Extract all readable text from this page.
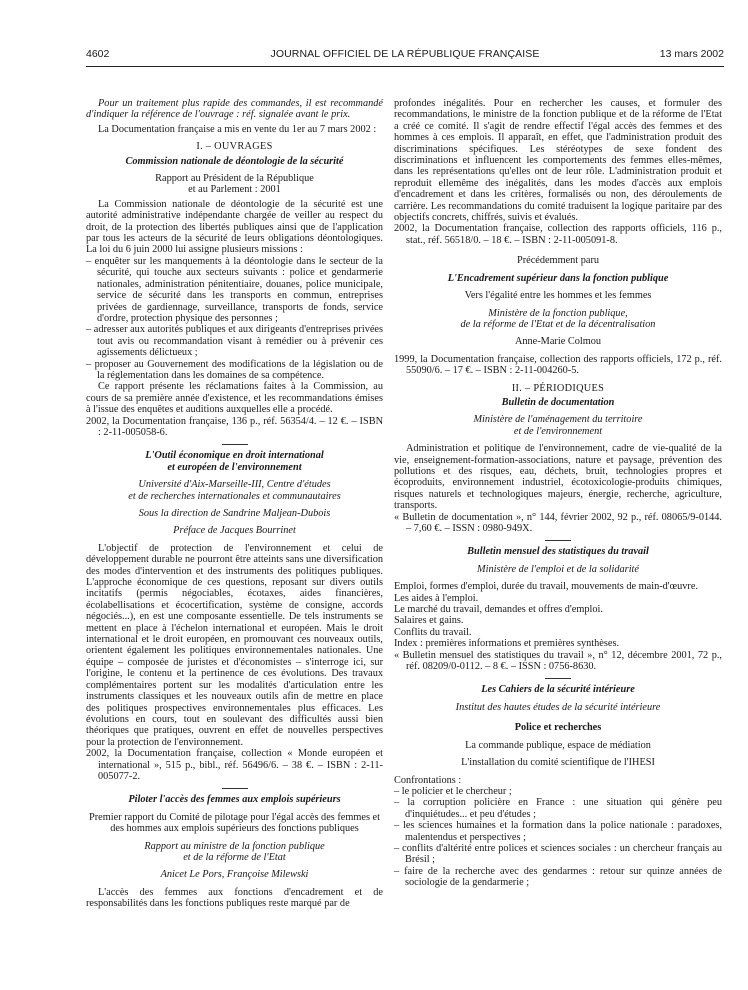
4602	JOURNAL OFFICIEL DE LA RÉPUBLIQUE FRANÇAISE	13 mars 2002

Pour un traitement plus rapide des commandes, il est recommandé d'indiquer la référence de l'ouvrage : réf. signalée avant le prix.

La Documentation française a mis en vente du 1er au 7 mars 2002 :

I. – OUVRAGES

Commission nationale de déontologie de la sécurité

Rapport au Président de la République

et au Parlement : 2001

La Commission nationale de déontologie de la sécurité est une autorité administrative indépendante chargée de veiller au respect du droit, de la protection des libertés publiques ainsi que de l'application par tous les acteurs de la sécurité de leurs obligations déontologiques. La loi du 6 juin 2000 lui assigne plusieurs missions :

– enquêter sur les manquements à la déontologie dans le secteur de la sécurité, qui touche aux secteurs suivants : police et gendarmerie nationales, administration pénitentiaire, douanes, police municipale, service de sécurité dans les transports en commun, entreprises privées de gardiennage, surveillance, transports de fonds, service d'ordre, protection physique des personnes ;
– adresser aux autorités publiques et aux dirigeants d'entreprises privées tout avis ou recommandation visant à remédier ou à prévenir ces agissements délictueux ;
– proposer au Gouvernement des modifications de la législation ou de la réglementation dans les domaines de sa compétence.

Ce rapport présente les réclamations faites à la Commission, au cours de sa première année d'existence, et les recommandations émises à l'issue des enquêtes et auditions auxquelles elle a procédé.

2002, la Documentation française, 136 p., réf. 56354/4. – 12 €. – ISBN : 2-11-005058-6.

L'Outil économique en droit international

et européen de l'environnement

Université d'Aix-Marseille-III, Centre d'études

et de recherches internationales et communautaires

Sous la direction de Sandrine Maljean-Dubois

Préface de Jacques Bourrinet

L'objectif de protection de l'environnement et celui de développement durable ne pourront être atteints sans une diversification des modes d'intervention et des instruments des politiques publiques. L'approche économique de ces questions, reposant sur divers outils incitatifs (permis négociables, écotaxes, aides financières, écolabellisations et écocertification, système de consigne, accords négociés...), en est une composante essentielle. De tels instruments se mettent en place à l'échelon international et européen. Mais le droit international et le droit européen, en promouvant ces nouveaux outils, orientent également les politiques environnementales nationales. Une équipe – composée de juristes et d'économistes – s'interroge ici, sur l'origine, le contenu et la pertinence de ces évolutions. Des travaux complémentaires portent sur les modalités d'articulation entre les instruments classiques et les nouveaux outils afin de mettre en place des politiques prospectives environnementales plus efficaces. Les évolutions en cours, tout en soulevant des difficultés aussi bien théoriques que pratiques, ouvrent en effet de nouvelles perspectives pour la protection de l'environnement.

2002, la Documentation française, collection « Monde européen et international », 515 p., bibl., réf. 56496/6. – 38 €. – ISBN : 2-11-005077-2.

Piloter l'accès des femmes aux emplois supérieurs

Premier rapport du Comité de pilotage pour l'égal accès des femmes et des hommes aux emplois supérieurs des fonctions publiques

Rapport au ministre de la fonction publique

et de la réforme de l'Etat

Anicet Le Pors, Françoise Milewski

L'accès des femmes aux fonctions d'encadrement et de responsabilités dans les fonctions publiques reste marqué par de

profondes inégalités. Pour en rechercher les causes, et formuler des recommandations, le ministre de la fonction publique et de la réforme de l'Etat a créé ce comité. Il s'agit de rendre effectif l'égal accès des femmes et des hommes à ces emplois. Il apparaît, en effet, que l'administration produit des discriminations spécifiques. Les stéréotypes de sexe fondent des discriminations et influencent les comportements des femmes elles-mêmes, dans les représentations qu'elles ont de leur rôle. L'administration produit et reproduit ellemême des inégalités, dans les modes d'accès aux emplois d'encadrement et dans les critères, formalisés ou non, des déroulements de carrière. Les recommandations du comité traduisent la logique paritaire par des objectifs concrets, chiffrés, suivis et évalués.

2002, la Documentation française, collection des rapports officiels, 116 p., stat., réf. 56518/0. – 18 €. – ISBN : 2-11-005091-8.

Précédemment paru

L'Encadrement supérieur dans la fonction publique

Vers l'égalité entre les hommes et les femmes

Ministère de la fonction publique,

de la réforme de l'Etat et de la décentralisation

Anne-Marie Colmou

1999, la Documentation française, collection des rapports officiels, 172 p., réf. 55090/6. – 17 €. – ISBN : 2-11-004260-5.

II. – PÉRIODIQUES

Bulletin de documentation

Ministère de l'aménagement du territoire

et de l'environnement

Administration et politique de l'environnement, cadre de vie-qualité de la vie, enseignement-formation-associations, nature et paysage, prévention des pollutions et des risques, eau, déchets, bruit, technologies propres et écoproduits, environnement industriel, écotoxicologie-produits chimiques, risques naturels et technologiques majeurs, énergie, recherche, agriculture, transports.

« Bulletin de documentation », n° 144, février 2002, 92 p., réf. 08065/9-0144. – 7,60 €. – ISSN : 0980-949X.

Bulletin mensuel des statistiques du travail

Ministère de l'emploi et de la solidarité

Emploi, formes d'emploi, durée du travail, mouvements de main-d'œuvre.

Les aides à l'emploi.

Le marché du travail, demandes et offres d'emploi.

Salaires et gains.

Conflits du travail.

Index : premières informations et premières synthèses.

« Bulletin mensuel des statistiques du travail », n° 12, décembre 2001, 72 p., réf. 08209/0-0112. – 8 €. – ISSN : 0756-8630.

Les Cahiers de la sécurité intérieure

Institut des hautes études de la sécurité intérieure

Police et recherches

La commande publique, espace de médiation

L'installation du comité scientifique de l'IHESI

Confrontations :

– le policier et le chercheur ;
– la corruption policière en France : une situation qui génère peu d'inquiétudes... et peu d'études ;
– les sciences humaines et la formation dans la police nationale : paradoxes, malentendus et perspectives ;
– conflits d'altérité entre polices et sciences sociales : un chercheur français au Brésil ;
– faire de la recherche avec des gendarmes : retour sur quinze années de sociologie de la gendarmerie ;
